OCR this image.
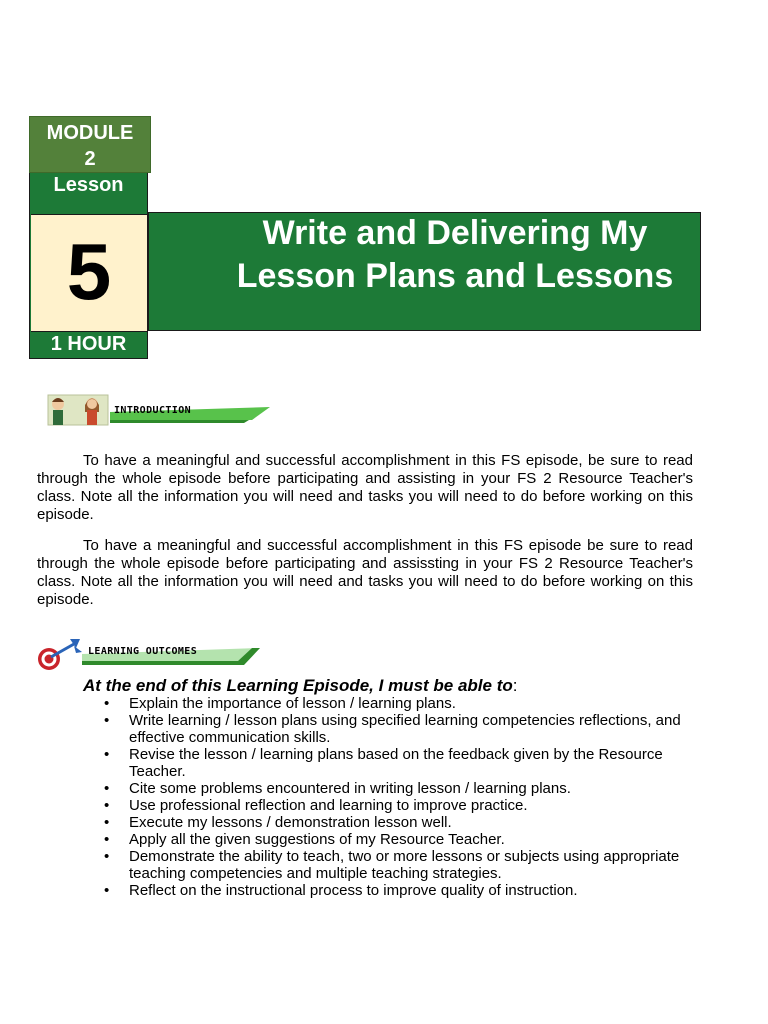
Lesson
5
1 HOUR
MODULE 2
Write and Delivering My
Lesson Plans and Lessons
INTRODUCTION

To have a meaningful and successful accomplishment in this FS episode, be sure to read through the whole episode before participating and assisting in your FS 2 Resource Teacher's class. Note all the information you will need and tasks you will need to do before working on this episode.

To have a meaningful and successful accomplishment in this FS episode be sure to read through the whole episode before participating and assissting in your FS 2 Resource Teacher's class. Note all the information you will need and tasks you will need to do before working on this episode.

LEARNING OUTCOMES
At the end of this Learning Episode, I must be able to:
• Explain the importance of lesson / learning plans.
• Write learning / lesson plans using specified learning competencies reflections, and effective communication skills.
• Revise the lesson / learning plans based on the feedback given by the Resource Teacher.
• Cite some problems encountered in writing lesson / learning plans.
• Use professional reflection and learning to improve practice.
• Execute my lessons / demonstration lesson well.
• Apply all the given suggestions of my Resource Teacher.
• Demonstrate the ability to teach, two or more lessons or subjects using appropriate teaching competencies and multiple teaching strategies.
• Reflect on the instructional process to improve quality of instruction.
